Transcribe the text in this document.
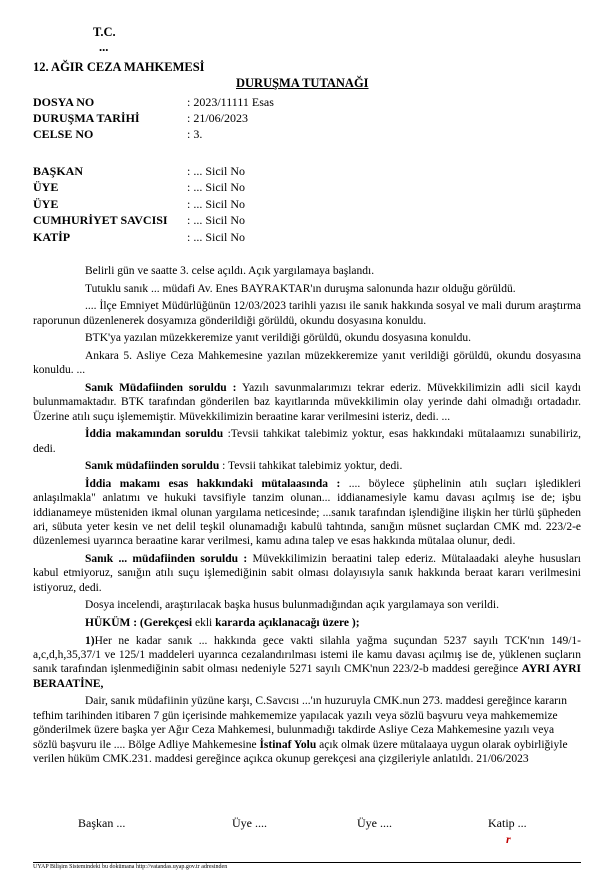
T.C.
...
12. AĞIR CEZA MAHKEMESİ
DURUŞMA TUTANAĞI
DOSYA NO	: 2023/11111 Esas
DURUŞMA TARİHİ	: 21/06/2023
CELSE NO	: 3.
BAŞKAN	: ... Sicil No
ÜYE	: ... Sicil No
ÜYE	: ... Sicil No
CUMHURİYET SAVCISI : ... Sicil No
KATİP	: ... Sicil No

Belirli gün ve saatte 3. celse açıldı. Açık yargılamaya başlandı.

Tutuklu sanık ... müdafi Av. Enes BAYRAKTAR'ın duruşma salonunda hazır olduğu görüldü.

.... İlçe Emniyet Müdürlüğünün 12/03/2023 tarihli yazısı ile sanık hakkında sosyal ve mali durum araştırma raporunun düzenlenerek dosyamıza gönderildiği görüldü, okundu dosyasına konuldu.

BTK'ya yazılan müzekkeremize yanıt verildiği görüldü, okundu dosyasına konuldu.

Ankara 5. Asliye Ceza Mahkemesine yazılan müzekkeremize yanıt verildiği görüldü, okundu dosyasına konuldu. ...

Sanık Müdafiinden soruldu : Yazılı savunmalarımızı tekrar ederiz. Müvekkilimizin adli sicil kaydı bulunmamaktadır. BTK tarafından gönderilen baz kayıtlarında müvekkilimin olay yerinde dahi olmadığı ortadadır. Üzerine atılı suçu işlememiştir. Müvekkilimizin beraatine karar verilmesini isteriz, dedi. ...

İddia makamından soruldu :Tevsii tahkikat talebimiz yoktur, esas hakkındaki mütalaamızı sunabiliriz, dedi.

Sanık müdafiinden soruldu : Tevsii tahkikat talebimiz yoktur, dedi.

İddia makamı esas hakkındaki mütalaasında : .... böylece şüphelinin atılı suçları işledikleri anlaşılmakla" anlatımı ve hukuki tavsifiyle tanzim olunan... iddianamesiyle kamu davası açılmış ise de; işbu iddianameye müsteniden ikmal olunan yargılama neticesinde; ...sanık tarafından işlendiğine ilişkin her türlü şüpheden ari, sübuta yeter kesin ve net delil teşkil olunamadığı kabulü tahtında, sanığın müsnet suçlardan CMK md. 223/2-e düzenlemesi uyarınca beraatine karar verilmesi, kamu adına talep ve esas hakkında mütalaa olunur, dedi.

Sanık ... müdafiinden soruldu : Müvekkilimizin beraatini talep ederiz. Mütalaadaki aleyhe hususları kabul etmiyoruz, sanığın atılı suçu işlemediğinin sabit olması dolayısıyla sanık hakkında beraat kararı verilmesini istiyoruz, dedi.

Dosya incelendi, araştırılacak başka husus bulunmadığından açık yargılamaya son verildi.

HÜKÜM : (Gerekçesi ekli kararda açıklanacağı üzere );

1)Her ne kadar sanık ... hakkında gece vakti silahla yağma suçundan 5237 sayılı TCK'nın 149/1-a,c,d,h,35,37/1 ve 125/1 maddeleri uyarınca cezalandırılması istemi ile kamu davası açılmış ise de, yüklenen suçların sanık tarafından işlenmediğinin sabit olması nedeniyle 5271 sayılı CMK'nun 223/2-b maddesi gereğince AYRI AYRI BERAATİNE,

Dair, sanık müdafiinin yüzüne karşı, C.Savcısı ...'ın huzuruyla CMK.nun 273. maddesi gereğince kararın tefhim tarihinden itibaren 7 gün içerisinde mahkememize yapılacak yazılı veya sözlü başvuru veya mahkememize gönderilmek üzere başka yer Ağır Ceza Mahkemesi, bulunmadığı takdirde Asliye Ceza Mahkemesine yazılı veya sözlü başvuru ile .... Bölge Adliye Mahkemesine İstinaf Yolu açık olmak üzere mütalaaya uygun olarak oybirliğiyle verilen hüküm CMK.231. maddesi gereğince açıkca okunup gerekçesi ana çizgileriyle anlatıldı. 21/06/2023

Başkan ...	Üye ....	Üye ....	Katip ...
r
UYAP Bilişim Sistemindeki bu dokümana http://vatandas.uyap.gov.tr adresinden
